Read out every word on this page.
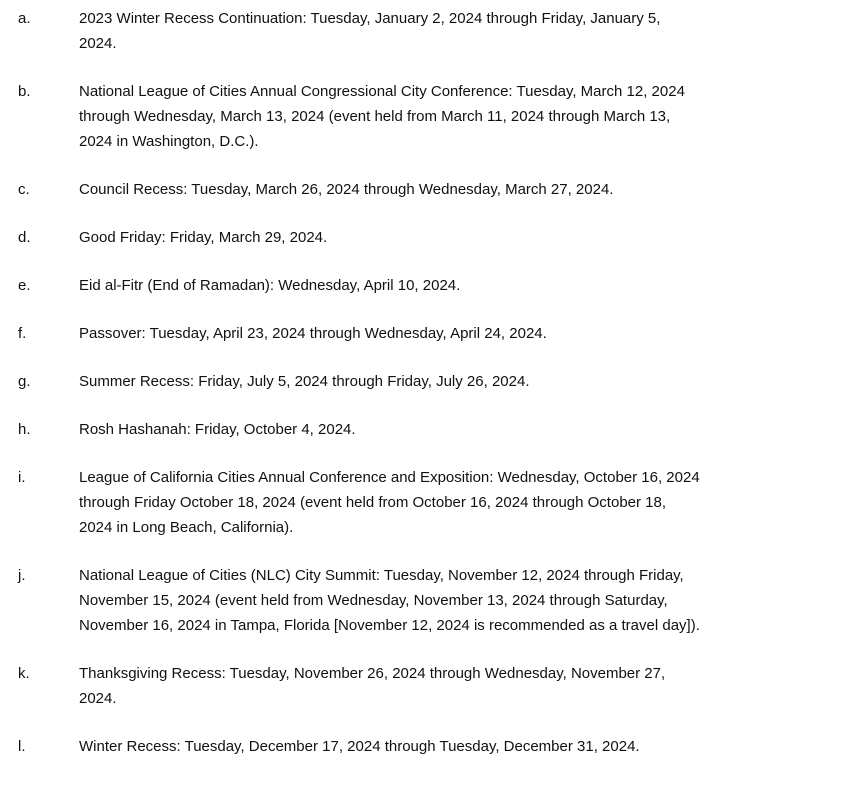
a.	2023 Winter Recess Continuation: Tuesday, January 2, 2024 through Friday, January 5,
2024.
b.	National League of Cities Annual Congressional City Conference: Tuesday, March 12, 2024
through Wednesday, March 13, 2024 (event held from March 11, 2024 through March 13,
2024 in Washington, D.C.).
c.	Council Recess: Tuesday, March 26, 2024 through Wednesday, March 27, 2024.
d.	Good Friday: Friday, March 29, 2024.
e.	Eid al-Fitr (End of Ramadan): Wednesday, April 10, 2024.
f.	Passover: Tuesday, April 23, 2024 through Wednesday, April 24, 2024.
g.	Summer Recess: Friday, July 5, 2024 through Friday, July 26, 2024.
h.	Rosh Hashanah: Friday, October 4, 2024.
i.	League of California Cities Annual Conference and Exposition: Wednesday, October 16, 2024
through Friday October 18, 2024 (event held from October 16, 2024 through October 18,
2024 in Long Beach, California).
j.	National League of Cities (NLC) City Summit: Tuesday, November 12, 2024 through Friday,
November 15, 2024 (event held from Wednesday, November 13, 2024 through Saturday,
November 16, 2024 in Tampa, Florida [November 12, 2024 is recommended as a travel day]).
k.	Thanksgiving Recess: Tuesday, November 26, 2024 through Wednesday, November 27,
2024.
l.	Winter Recess: Tuesday, December 17, 2024 through Tuesday, December 31, 2024.
